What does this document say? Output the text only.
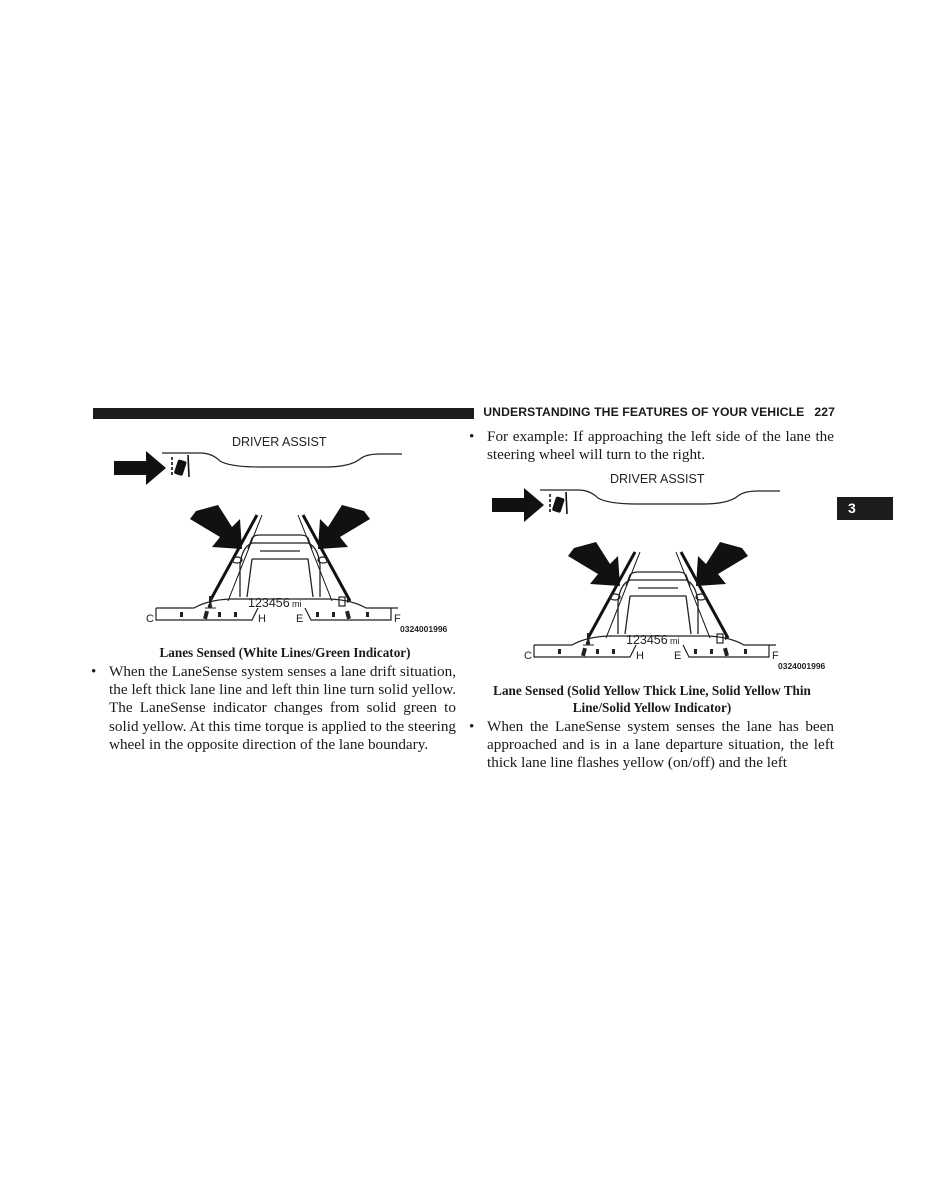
UNDERSTANDING THE FEATURES OF YOUR VEHICLE 227
3
DRIVER ASSIST
123456 mi
C	H	E	F
0324001996
Lanes Sensed (White Lines/Green Indicator)
• When the LaneSense system senses a lane drift situation, the left thick lane line and left thin line turn solid yellow. The LaneSense indicator changes from solid green to solid yellow. At this time torque is applied to the steering wheel in the opposite direction of the lane boundary.
• For example: If approaching the left side of the lane the steering wheel will turn to the right.
DRIVER ASSIST
123456 mi
C	H	E	F
0324001996
Lane Sensed (Solid Yellow Thick Line, Solid Yellow Thin Line/Solid Yellow Indicator)
• When the LaneSense system senses the lane has been approached and is in a lane departure situation, the left thick lane line flashes yellow (on/off) and the left
